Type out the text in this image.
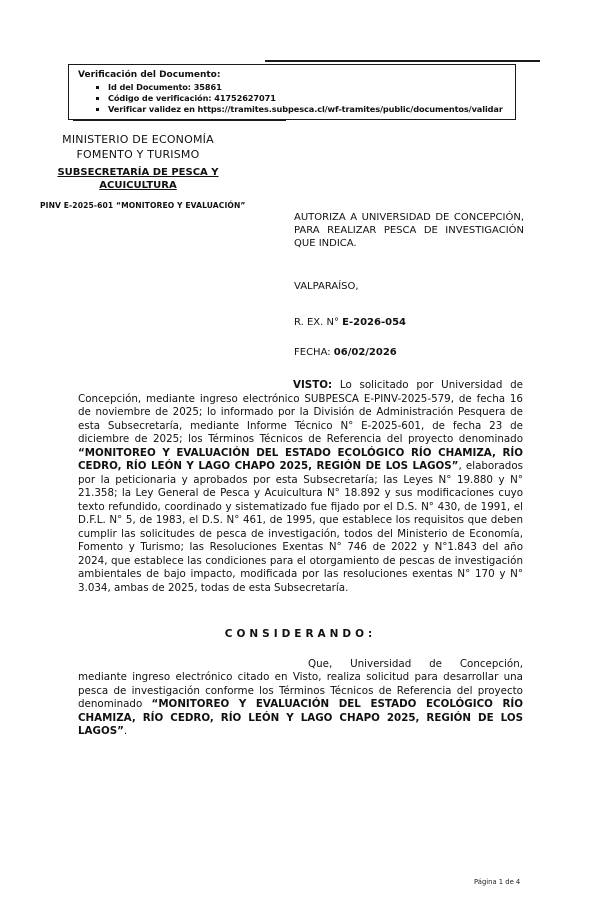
Verificación del Documento:
▪ Id del Documento: 35861
▪ Código de verificación: 41752627071
▪ Verificar validez en https://tramites.subpesca.cl/wf-tramites/public/documentos/validar
MINISTERIO DE ECONOMÍA
FOMENTO Y TURISMO
SUBSECRETARÍA DE PESCA Y ACUICULTURA
PINV E-2025-601 “MONITOREO Y EVALUACIÓN”
AUTORIZA A UNIVERSIDAD DE CONCEPCIÓN, PARA REALIZAR PESCA DE INVESTIGACIÓN QUE INDICA.
VALPARAÍSO,
R. EX. N° E-2026-054
FECHA: 06/02/2026

VISTO: Lo solicitado por Universidad de Concepción, mediante ingreso electrónico SUBPESCA E-PINV-2025-579, de fecha 16 de noviembre de 2025; lo informado por la División de Administración Pesquera de esta Subsecretaría, mediante Informe Técnico N° E-2025-601, de fecha 23 de diciembre de 2025; los Términos Técnicos de Referencia del proyecto denominado “MONITOREO Y EVALUACIÓN DEL ESTADO ECOLÓGICO RÍO CHAMIZA, RÍO CEDRO, RÍO LEÓN Y LAGO CHAPO 2025, REGIÓN DE LOS LAGOS”, elaborados por la peticionaria y aprobados por esta Subsecretaría; las Leyes N° 19.880 y N° 21.358; la Ley General de Pesca y Acuicultura N° 18.892 y sus modificaciones cuyo texto refundido, coordinado y sistematizado fue fijado por el D.S. N° 430, de 1991, el D.F.L. N° 5, de 1983, el D.S. N° 461, de 1995, que establece los requisitos que deben cumplir las solicitudes de pesca de investigación, todos del Ministerio de Economía, Fomento y Turismo; las Resoluciones Exentas N° 746 de 2022 y N°1.843 del año 2024, que establece las condiciones para el otorgamiento de pescas de investigación ambientales de bajo impacto, modificada por las resoluciones exentas N° 170 y N° 3.034, ambas de 2025, todas de esta Subsecretaría.

CONSIDERANDO:

Que, Universidad de Concepción, mediante ingreso electrónico citado en Visto, realiza solicitud para desarrollar una pesca de investigación conforme los Términos Técnicos de Referencia del proyecto denominado “MONITOREO Y EVALUACIÓN DEL ESTADO ECOLÓGICO RÍO CHAMIZA, RÍO CEDRO, RÍO LEÓN Y LAGO CHAPO 2025, REGIÓN DE LOS LAGOS”.

Página 1 de 4
